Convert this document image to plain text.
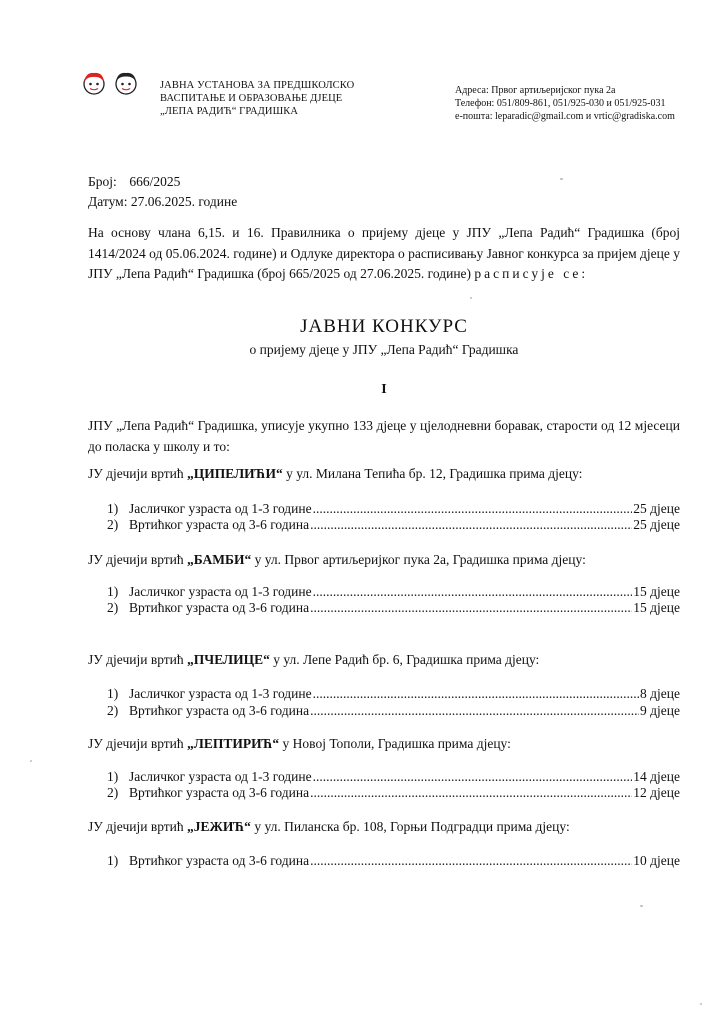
ЈАВНА УСТАНОВА ЗА ПРЕДШКОЛСКО
ВАСПИТАЊЕ И ОБРАЗОВАЊЕ ДЈЕЦЕ
„ЛЕПА РАДИЋ“ ГРАДИШКА
Адреса: Првог артиљеријског пука 2а
Телефон: 051/809-861, 051/925-030 и 051/925-031
е-пошта: leparadic@gmail.com и vrtic@gradiska.com
Број: 666/2025
Датум: 27.06.2025. године
На основу члана 6,15. и 16. Правилника о пријему дјеце у ЈПУ „Лепа Радић“ Градишка (број 1414/2024 од 05.06.2024. године) и Одлуке директора о расписивању Јавног конкурса за пријем дјеце у ЈПУ „Лепа Радић“ Градишка (број 665/2025 од 27.06.2025. године) расписује се:
ЈАВНИ КОНКУРС
о пријему дјеце у ЈПУ „Лепа Радић“ Градишка
I
ЈПУ „Лепа Радић“ Градишка, уписује укупно 133 дјеце у цјелодневни боравак, старости од 12 мјесеци до поласка у школу и то:
ЈУ дјечији вртић „ЦИПЕЛИЋИ“ у ул. Милана Тепића бр. 12, Градишка прима дјецу:
1) Јасличког узраста од 1-3 године .....	25 дјеце
2) Вртићког узраста од 3-6 година .....	25 дјеце
ЈУ дјечији вртић „БАМБИ“ у ул. Првог артиљеријког пука 2а, Градишка прима дјецу:
1) Јасличког узраста од 1-3 године .....	15 дјеце
2) Вртићког узраста од 3-6 година .....	15 дјеце
ЈУ дјечији вртић „ПЧЕЛИЦЕ“ у ул. Лепе Радић бр. 6, Градишка прима дјецу:
1) Јасличког узраста од 1-3 године .....	8 дјеце
2) Вртићког узраста од 3-6 година .....	9 дјеце
ЈУ дјечији вртић „ЛЕПТИРИЋ“ у Новој Тополи, Градишка прима дјецу:
1) Јасличког узраста од 1-3 године .....	14 дјеце
2) Вртићког узраста од 3-6 година .....	12 дјеце
ЈУ дјечији вртић „ЈЕЖИЋ“ у ул. Пиланска бр. 108, Горњи Подградци прима дјецу:
1) Вртићког узраста од 3-6 година .....	10 дјеце
